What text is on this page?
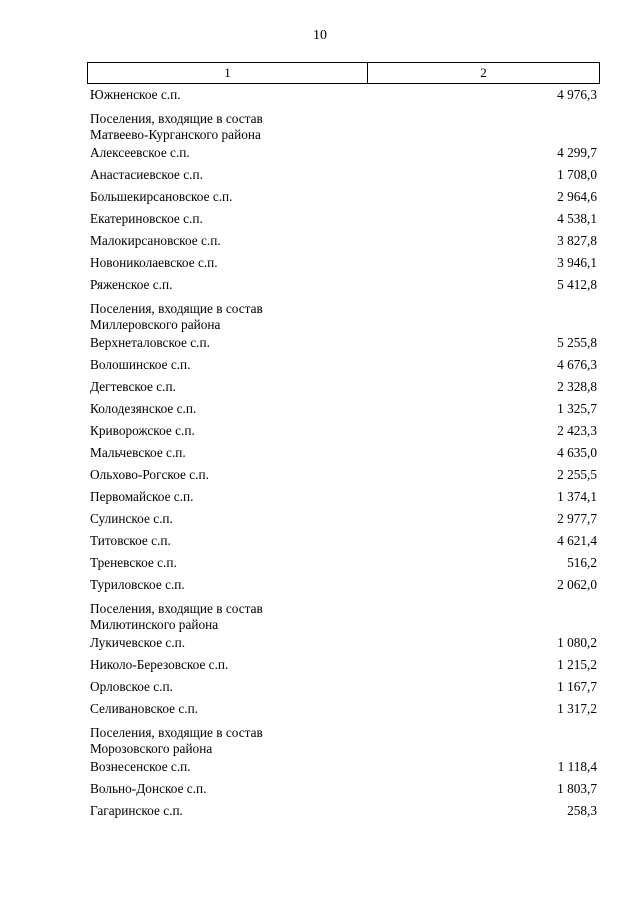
10
1	2
Южненское с.п.	4 976,3
Поселения, входящие в состав
Матвеево-Курганского района
Алексеевское с.п.	4 299,7
Анастасиевское с.п.	1 708,0
Большекирсановское с.п.	2 964,6
Екатериновское с.п.	4 538,1
Малокирсановское с.п.	3 827,8
Новониколаевское с.п.	3 946,1
Ряженское с.п.	5 412,8
Поселения, входящие в состав
Миллеровского района
Верхнеталовское с.п.	5 255,8
Волошинское с.п.	4 676,3
Дегтевское с.п.	2 328,8
Колодезянское с.п.	1 325,7
Криворожское с.п.	2 423,3
Мальчевское с.п.	4 635,0
Ольхово-Рогское с.п.	2 255,5
Первомайское с.п.	1 374,1
Сулинское с.п.	2 977,7
Титовское с.п.	4 621,4
Треневское с.п.	516,2
Туриловское с.п.	2 062,0
Поселения, входящие в состав
Милютинского района
Лукичевское с.п.	1 080,2
Николо-Березовское с.п.	1 215,2
Орловское с.п.	1 167,7
Селивановское с.п.	1 317,2
Поселения, входящие в состав
Морозовского района
Вознесенское с.п.	1 118,4
Вольно-Донское с.п.	1 803,7
Гагаринское с.п.	258,3
